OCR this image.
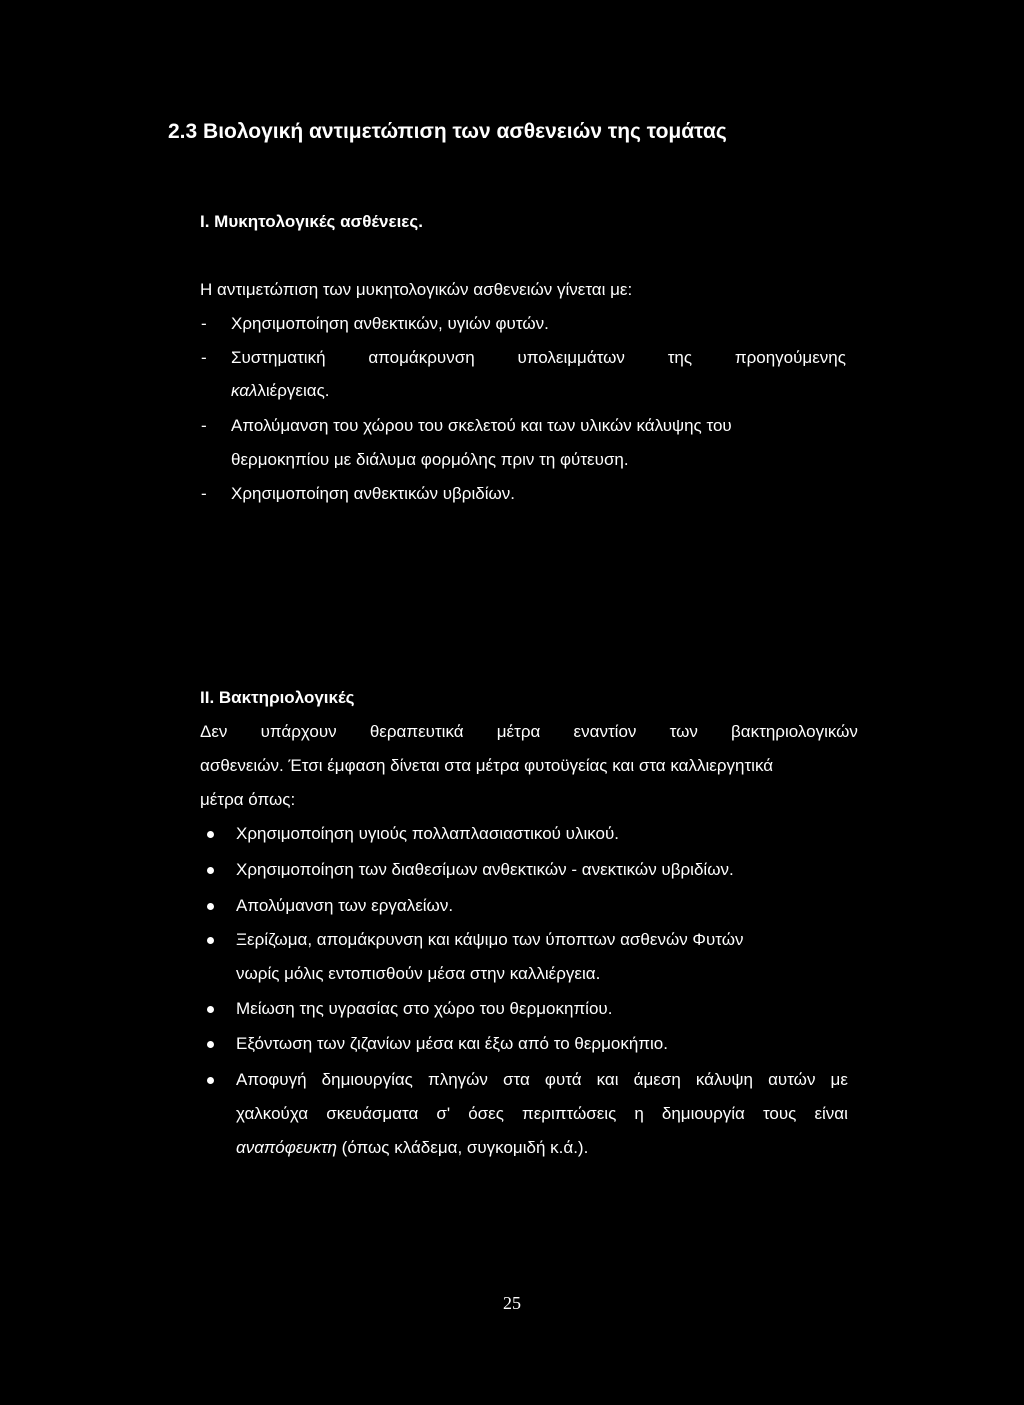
2.3 Βιολογική αντιμετώπιση των ασθενειών της τομάτας
Ι. Μυκητολογικές ασθένειες.
Η αντιμετώπιση των μυκητολογικών ασθενειών γίνεται με:
- Χρησιμοποίηση ανθεκτικών, υγιών φυτών.
- Συστηματική	απομάκρυνση	υπολειμμάτων	της	προηγούμενης
καλλιέργειας.
- Απολύμανση του χώρου του σκελετού και των υλικών κάλυψης του
θερμοκηπίου με διάλυμα φορμόλης πριν τη φύτευση.
- Χρησιμοποίηση ανθεκτικών υβριδίων.
ΙΙ. Βακτηριολογικές
Δεν υπάρχουν θεραπευτικά μέτρα εναντίον των βακτηριολογικών
ασθενειών. Έτσι έμφαση δίνεται στα μέτρα φυτοϋγείας και στα καλλιεργητικά
μέτρα όπως:
Χρησιμοποίηση υγιούς πολλαπλασιαστικού υλικού.
Χρησιμοποίηση των διαθεσίμων ανθεκτικών - ανεκτικών υβριδίων.
Απολύμανση των εργαλείων.
Ξερίζωμα, απομάκρυνση και κάψιμο των ύποπτων ασθενών Φυτών
νωρίς μόλις εντοπισθούν μέσα στην καλλιέργεια.
Μείωση της υγρασίας στο χώρο του θερμοκηπίου.
Εξόντωση των ζιζανίων μέσα και έξω από το θερμοκήπιο.
Αποφυγή δημιουργίας πληγών στα φυτά και άμεση κάλυψη αυτών με
χαλκούχα σκευάσματα σ' όσες περιπτώσεις η δημιουργία τους είναι
αναπόφευκτη (όπως κλάδεμα, συγκομιδή κ.ά.).
25
